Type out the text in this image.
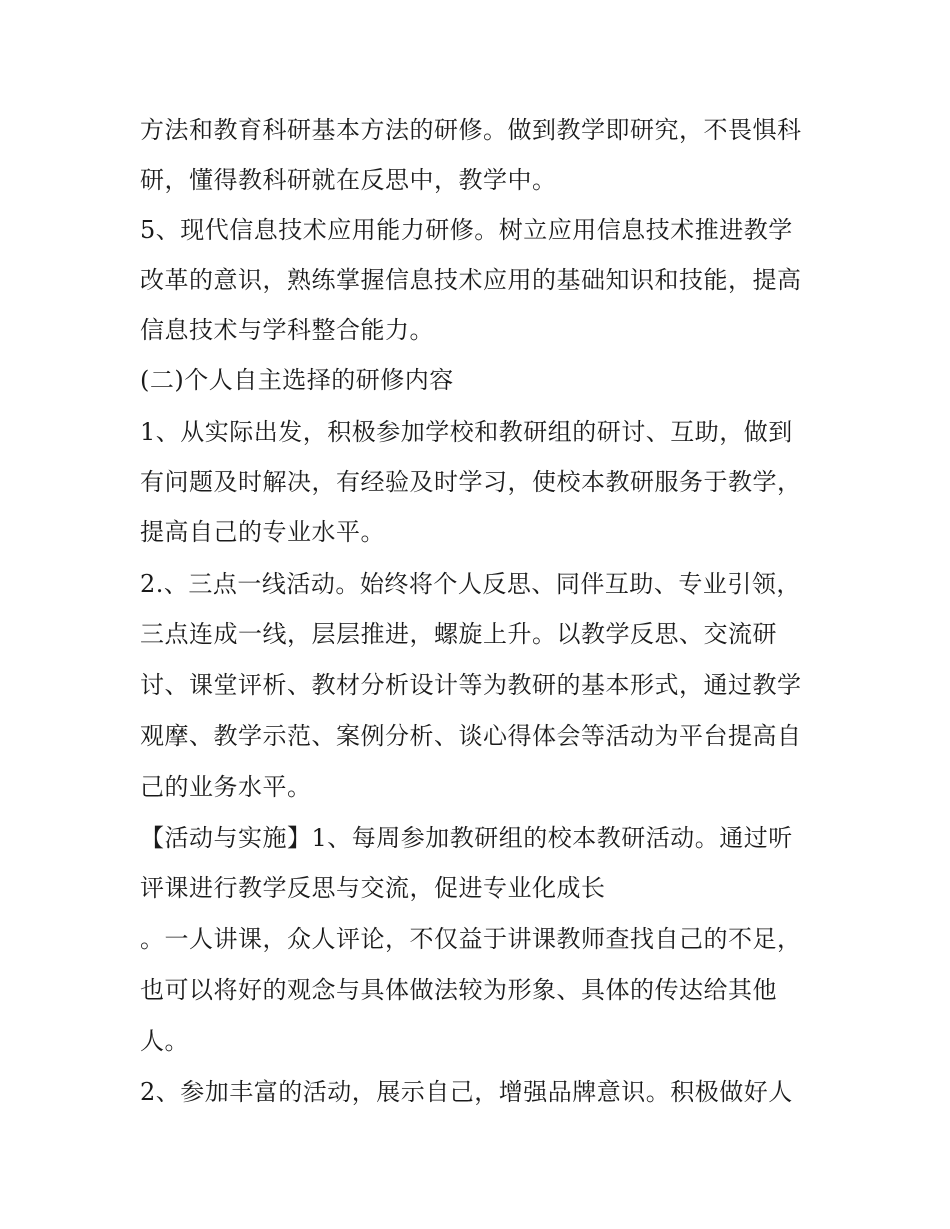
方法和教育科研基本方法的研修。做到教学即研究，不畏惧科
研，懂得教科研就在反思中，教学中。
5、现代信息技术应用能力研修。树立应用信息技术推进教学
改革的意识，熟练掌握信息技术应用的基础知识和技能，提高
信息技术与学科整合能力。
(二)个人自主选择的研修内容
1、从实际出发，积极参加学校和教研组的研讨、互助，做到
有问题及时解决，有经验及时学习，使校本教研服务于教学，
提高自己的专业水平。
2.、三点一线活动。始终将个人反思、同伴互助、专业引领，
三点连成一线，层层推进，螺旋上升。以教学反思、交流研
讨、课堂评析、教材分析设计等为教研的基本形式，通过教学
观摩、教学示范、案例分析、谈心得体会等活动为平台提高自
己的业务水平。
【活动与实施】1、每周参加教研组的校本教研活动。通过听
评课进行教学反思与交流，促进专业化成长
。一人讲课，众人评论，不仅益于讲课教师查找自己的不足，
也可以将好的观念与具体做法较为形象、具体的传达给其他
人。
2、参加丰富的活动，展示自己，增强品牌意识。积极做好人
